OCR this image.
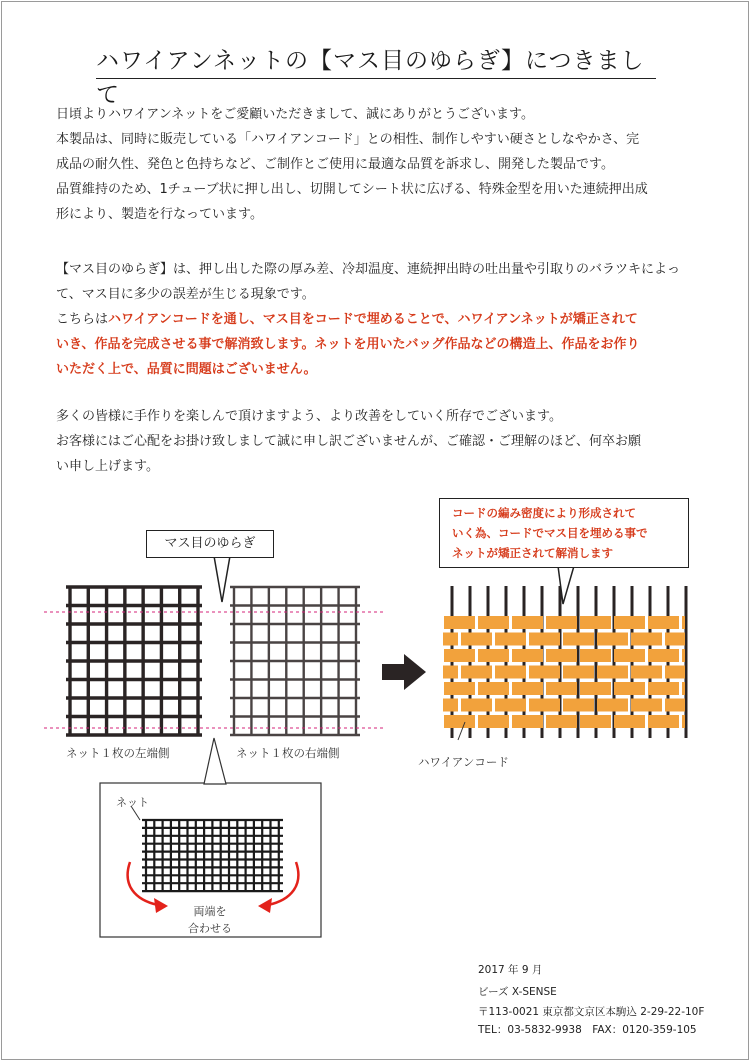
ハワイアンネットの【マス目のゆらぎ】につきまして
日頃よりハワイアンネットをご愛顧いただきまして、誠にありがとうございます。
本製品は、同時に販売している「ハワイアンコード」との相性、制作しやすい硬さとしなやかさ、完
成品の耐久性、発色と色持ちなど、ご制作とご使用に最適な品質を訴求し、開発した製品です。
品質維持のため、1チューブ状に押し出し、切開してシート状に広げる、特殊金型を用いた連続押出成
形により、製造を行なっています。
【マス目のゆらぎ】は、押し出した際の厚み差、冷却温度、連続押出時の吐出量や引取りのバラツキによっ
て、マス目に多少の誤差が生じる現象です。
こちらはハワイアンコードを通し、マス目をコードで埋めることで、ハワイアンネットが矯正されて
いき、作品を完成させる事で解消致します。ネットを用いたバッグ作品などの構造上、作品をお作り
いただく上で、品質に問題はございません。
多くの皆様に手作りを楽しんで頂けますよう、より改善をしていく所存でございます。
お客様にはご心配をお掛け致しまして誠に申し訳ございませんが、ご確認・ご理解のほど、何卒お願
い申し上げます。
マス目のゆらぎ
コードの編み密度により形成されて
いく為、コードでマス目を埋める事で
ネットが矯正されて解消します
ネット１枚の左端側	ネット１枚の右端側
ハワイアンコード
ネット
両端を
合わせる
2017 年 9 月
ビーズ X-SENSE
〒113-0021 東京都文京区本駒込 2-29-22-10F
TEL：03-5832-9938　FAX：0120-359-105
